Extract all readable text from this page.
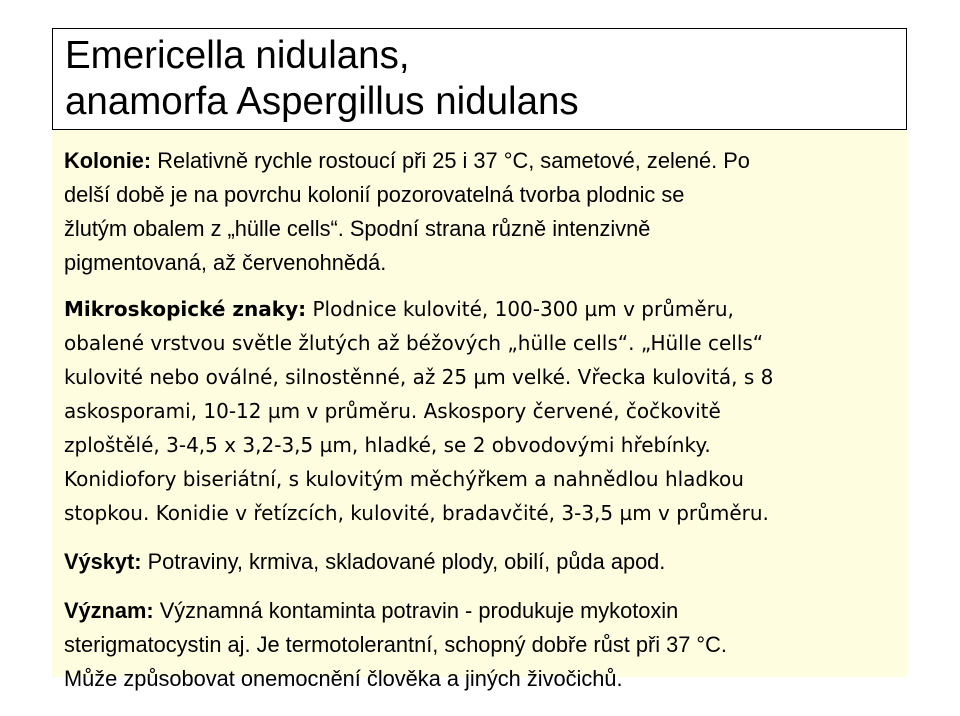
Emericella nidulans,
anamorfa Aspergillus nidulans
Kolonie: Relativně rychle rostoucí při 25 i 37 °C, sametové, zelené. Po
delší době je na povrchu kolonií pozorovatelná tvorba plodnic se
žlutým obalem z „hülle cells“. Spodní strana různě intenzivně
pigmentovaná, až červenohnědá.
Mikroskopické znaky: Plodnice kulovité, 100-300 µm v průměru,
obalené vrstvou světle žlutých až béžových „hülle cells“. „Hülle cells“
kulovité nebo oválné, silnostěnné, až 25 µm velké. Vřecka kulovitá, s 8
askosporami, 10-12 µm v průměru. Askospory červené, čočkovitě
zploštělé, 3-4,5 x 3,2-3,5 µm, hladké, se 2 obvodovými hřebínky.
Konidiofory biseriátní, s kulovitým měchýřkem a nahnědlou hladkou
stopkou. Konidie v řetízcích, kulovité, bradavčité, 3-3,5 µm v průměru.
Výskyt: Potraviny, krmiva, skladované plody, obilí, půda apod.
Význam: Významná kontaminta potravin - produkuje mykotoxin
sterigmatocystin aj. Je termotolerantní, schopný dobře růst při 37 °C.
Může způsobovat onemocnění člověka a jiných živočichů.
